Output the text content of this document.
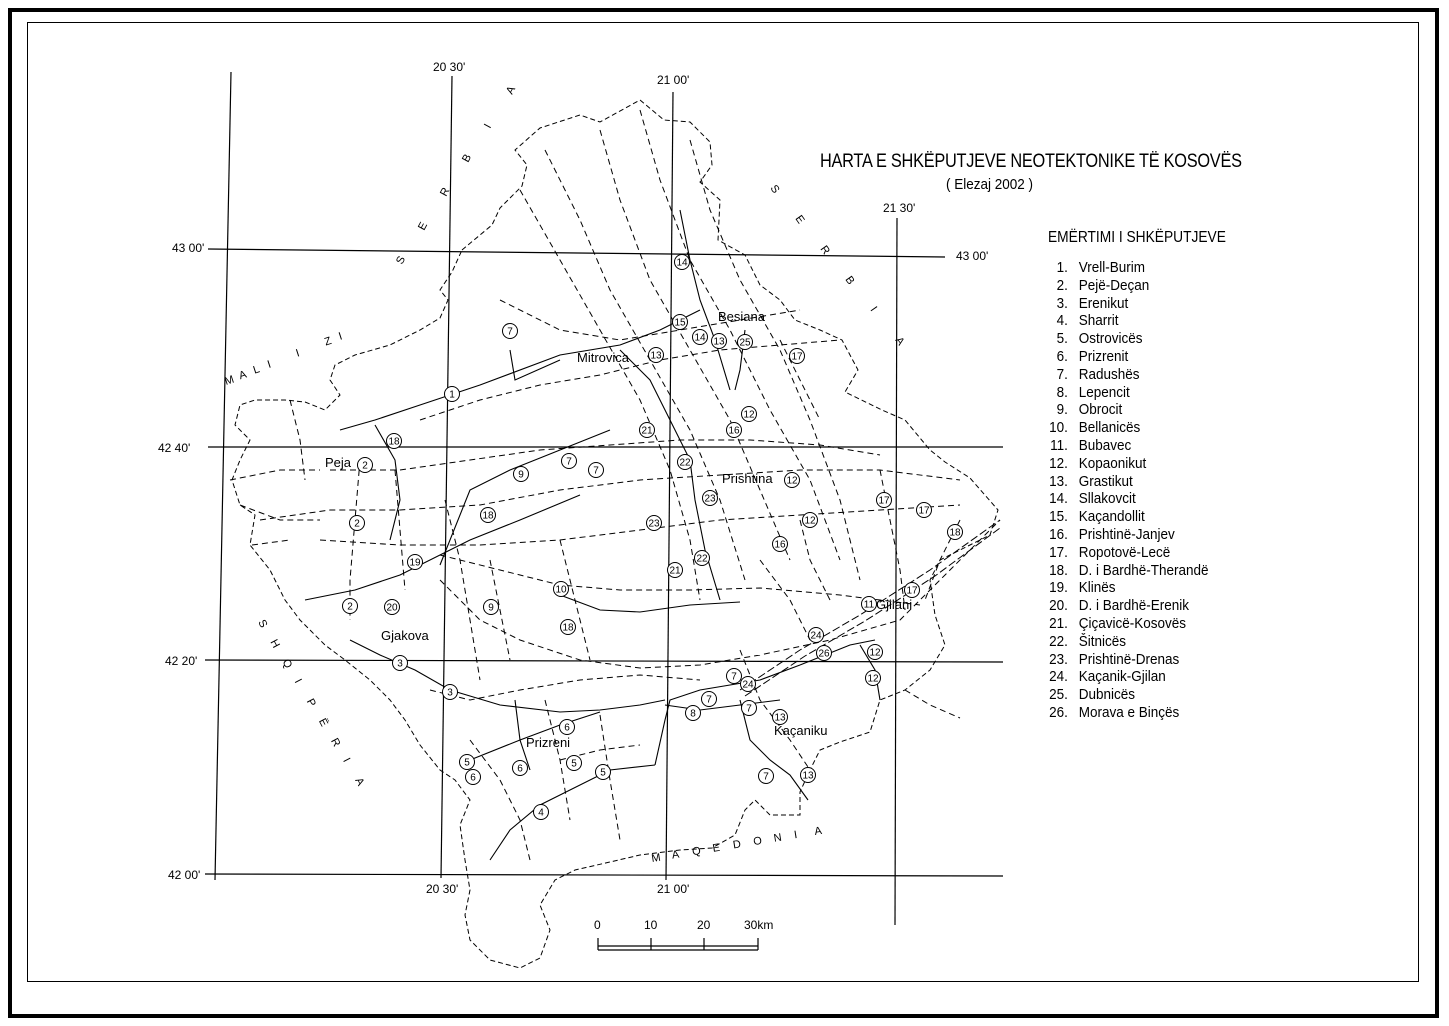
1
2
2
2
3
3
4
5	5
5
6
6
6
7
7
7
7
7
7
7
8
9
9
10
12
12
12
12
12
13
13
13
13
14
14
15
16
16
17
17
17
17
18
18
18
18
19
20
21
21
22
22
23
23
24
24
25
26
11
20 30'
21 00'
21 30'
20 30'	21 00'
43 00'
43 00'
42 40'
42 20'
42 00'
Peja
Mitrovica
Besiana
Prishtina
Gjakova
Prizreni
Kaçaniku
Gjilani
S
E
R
B
I
A
S
E
R
B
I
A
M A L I
I
Z I
S
H
Q
I
P
Ë
R
I
A
M A Q E D O N I A
HARTA E SHKËPUTJEVE NEOTEKTONIKE TË KOSOVËS
( Elezaj 2002 )
EMËRTIMI I SHKËPUTJEVE
1. Vrell-Burim
2. Pejë-Deçan
3. Erenikut
4. Sharrit
5. Ostrovicës
6. Prizrenit
7. Radushës
8. Lepencit
9. Obrocit
10. Bellanicës
11. Bubavec
12. Kopaonikut
13. Grastikut
14. Sllakovcit
15. Kaçandollit
16. Prishtinë-Janjev
17. Ropotovë-Lecë
18. D. i Bardhë-Therandë
19. Klinës
20. D. i Bardhë-Erenik
21. Çiçavicë-Kosovës
22. Šitnicës
23. Prishtinë-Drenas
24. Kaçanik-Gjilan
25. Dubnicës
26. Morava e Binçës
0	10	20	30km
